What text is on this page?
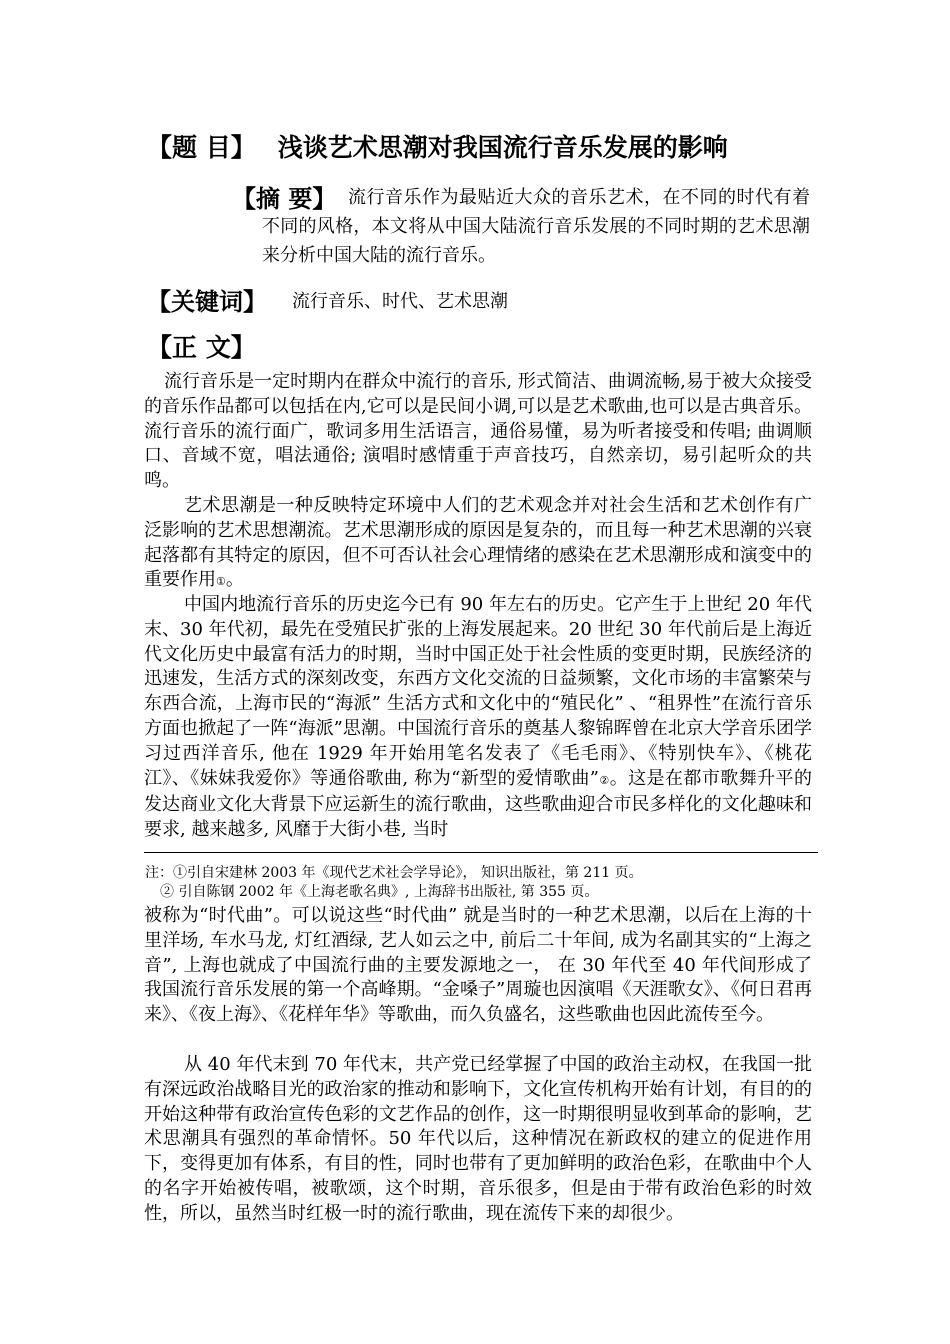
【题 目】 浅谈艺术思潮对我国流行音乐发展的影响
【摘 要】 流行音乐作为最贴近大众的音乐艺术，在不同的时代有着不同的风格，本文将从中国大陆流行音乐发展的不同时期的艺术思潮来分析中国大陆的流行音乐。

【关键词】 流行音乐、时代、艺术思潮
【正 文】

流行音乐是一定时期内在群众中流行的音乐, 形式简洁、曲调流畅,易于被大众接受的音乐作品都可以包括在内,它可以是民间小调,可以是艺术歌曲,也可以是古典音乐。流行音乐的流行面广，歌词多用生活语言，通俗易懂，易为听者接受和传唱; 曲调顺口、音域不宽，唱法通俗; 演唱时感情重于声音技巧，自然亲切，易引起听众的共鸣。

艺术思潮是一种反映特定环境中人们的艺术观念并对社会生活和艺术创作有广泛影响的艺术思想潮流。艺术思潮形成的原因是复杂的，而且每一种艺术思潮的兴衰起落都有其特定的原因，但不可否认社会心理情绪的感染在艺术思潮形成和演变中的重要作用①。

中国内地流行音乐的历史迄今已有 90 年左右的历史。它产生于上世纪 20 年代末、30 年代初，最先在受殖民扩张的上海发展起来。20 世纪 30 年代前后是上海近代文化历史中最富有活力的时期，当时中国正处于社会性质的变更时期，民族经济的迅速发，生活方式的深刻改变，东西方文化交流的日益频繁，文化市场的丰富繁荣与东西合流，上海市民的“海派” 生活方式和文化中的“殖民化” 、“租界性”在流行音乐方面也掀起了一阵“海派”思潮。中国流行音乐的奠基人黎锦晖曾在北京大学音乐团学习过西洋音乐, 他在 1929 年开始用笔名发表了《毛毛雨》、《特别快车》、《桃花江》、《妹妹我爱你》等通俗歌曲, 称为“新型的爱情歌曲”②。这是在都市歌舞升平的发达商业文化大背景下应运新生的流行歌曲，这些歌曲迎合市民多样化的文化趣味和要求, 越来越多, 风靡于大街小巷, 当时

注：①引自宋建林 2003 年《现代艺术社会学导论》， 知识出版社，第 211 页。
② 引自陈钢 2002 年《上海老歌名典》, 上海辞书出版社, 第 355 页。

被称为“时代曲”。可以说这些“时代曲” 就是当时的一种艺术思潮，以后在上海的十里洋场, 车水马龙, 灯红酒绿, 艺人如云之中, 前后二十年间, 成为名副其实的“上海之音”, 上海也就成了中国流行曲的主要发源地之一， 在 30 年代至 40 年代间形成了我国流行音乐发展的第一个高峰期。“金嗓子”周璇也因演唱《天涯歌女》、《何日君再来》、《夜上海》、《花样年华》等歌曲，而久负盛名，这些歌曲也因此流传至今。

从 40 年代末到 70 年代末，共产党已经掌握了中国的政治主动权，在我国一批有深远政治战略目光的政治家的推动和影响下，文化宣传机构开始有计划，有目的的开始这种带有政治宣传色彩的文艺作品的创作，这一时期很明显收到革命的影响，艺术思潮具有强烈的革命情怀。50 年代以后，这种情况在新政权的建立的促进作用下，变得更加有体系，有目的性，同时也带有了更加鲜明的政治色彩，在歌曲中个人的名字开始被传唱，被歌颂，这个时期，音乐很多，但是由于带有政治色彩的时效性，所以，虽然当时红极一时的流行歌曲，现在流传下来的却很少。
